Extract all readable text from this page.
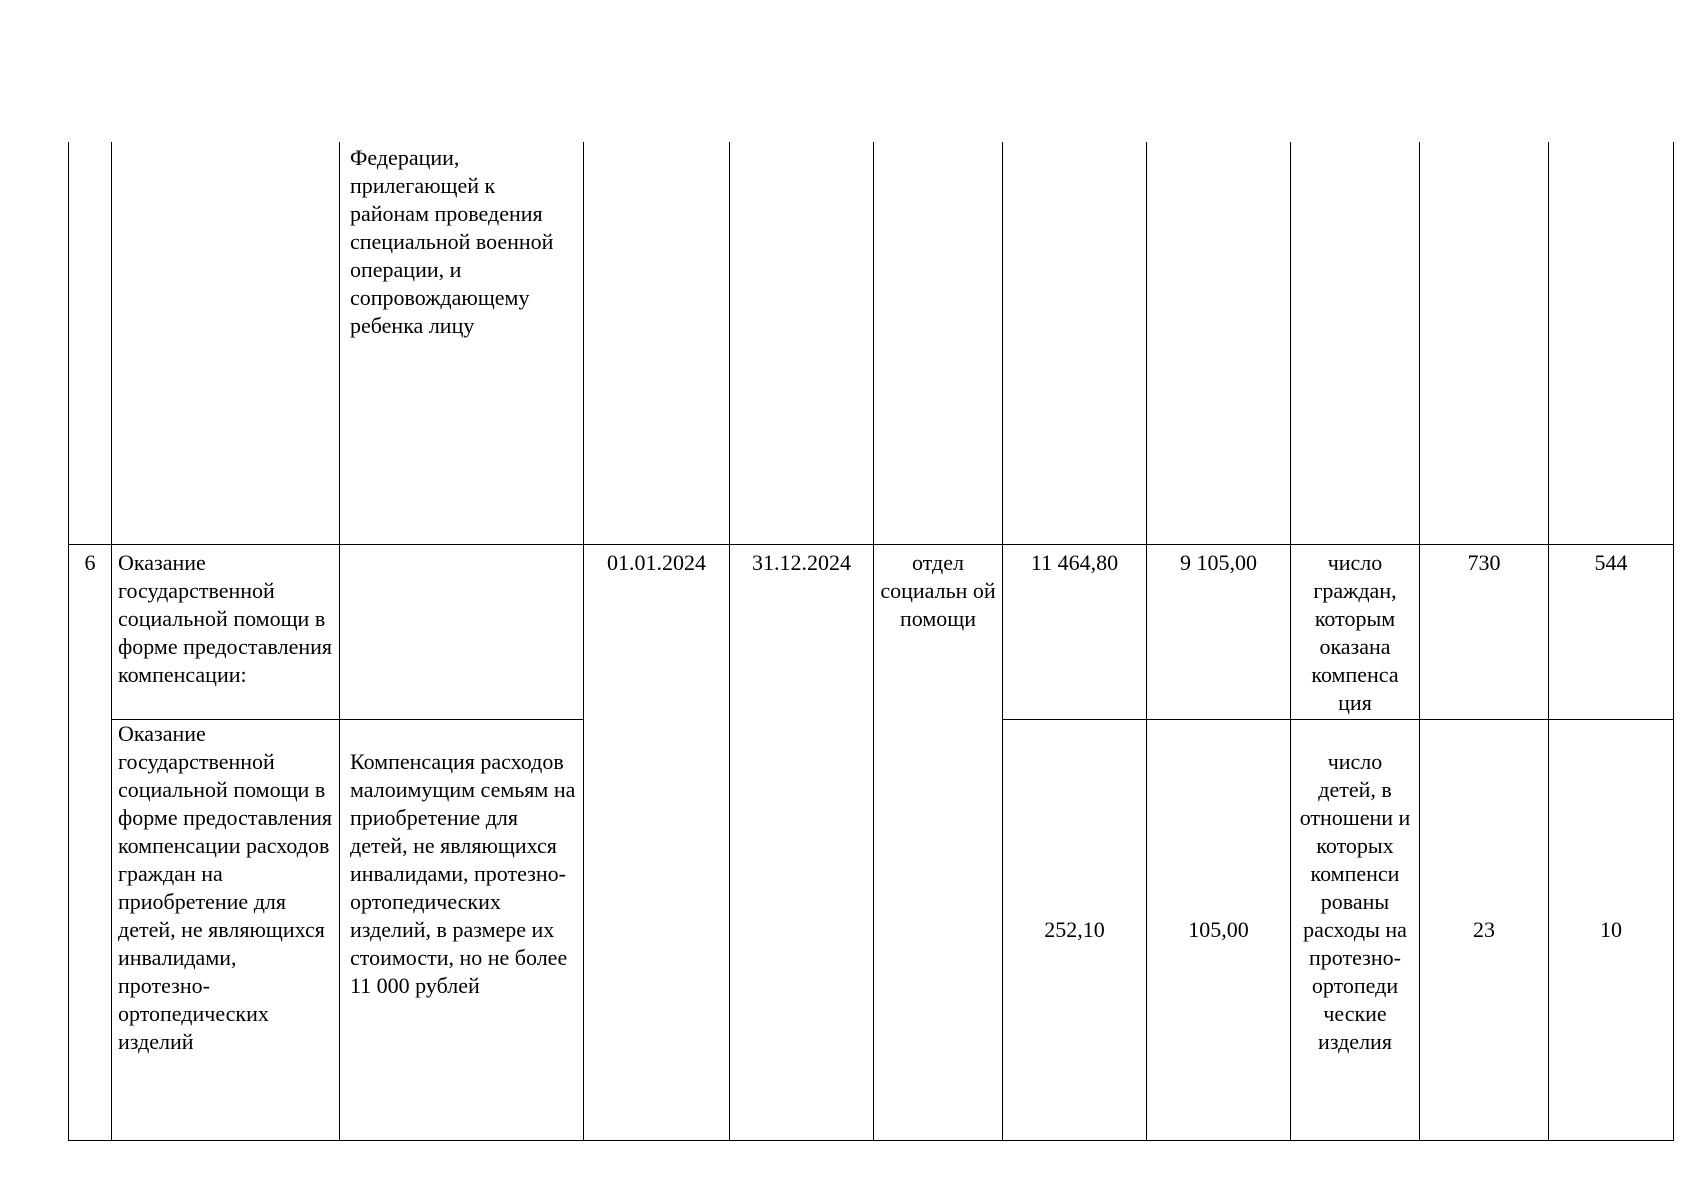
		Федерации, прилегающей к районам проведения специальной военной операции, и сопровождающему ребенка лицу								
6	Оказание государственной социальной помощи в форме предоставления компенсации:		01.01.2024	31.12.2024	отдел социальн ой помощи	11 464,80	9 105,00	число граждан, которым оказана компенса ция	730	544
	Оказание государственной социальной помощи в форме предоставления компенсации расходов граждан на приобретение для детей, не являющихся инвалидами, протезно-ортопедических изделий	Компенсация расходов малоимущим семьям на приобретение для детей, не являющихся инвалидами, протезно-ортопедических изделий, в размере их стоимости, но не более 11 000 рублей				252,10	105,00	число детей, в отношени и которых компенси рованы расходы на протезно-ортопеди ческие изделия	23	10
